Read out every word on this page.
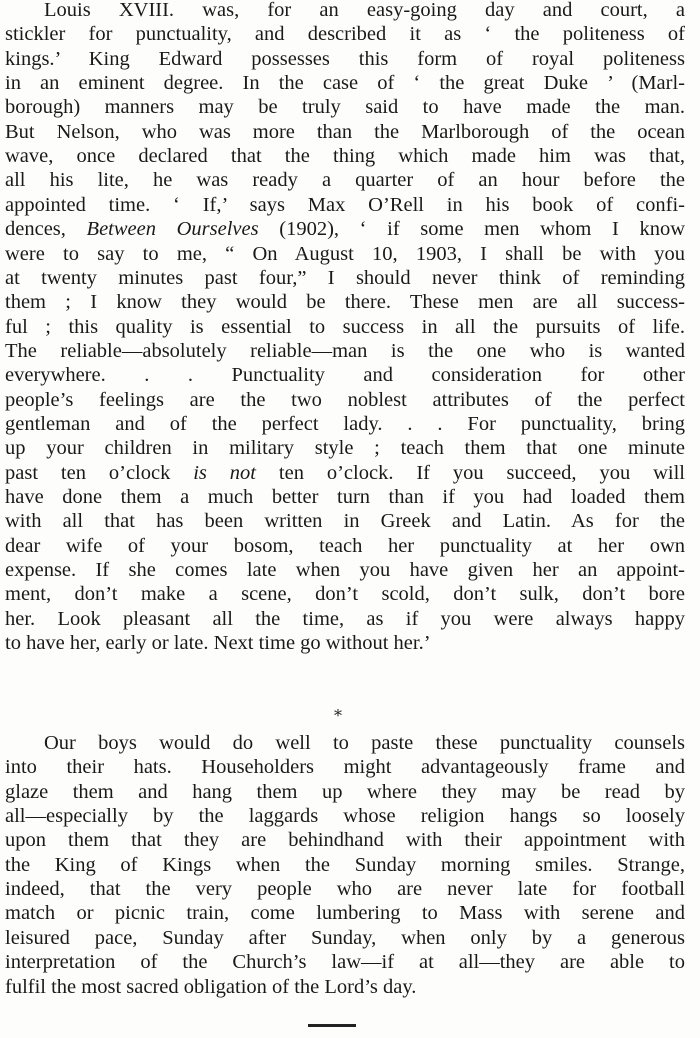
Louis XVIII. was, for an easy-going day and court, a
stickler for punctuality, and described it as ‘ the politeness of
kings.’ King Edward possesses this form of royal politeness
in an eminent degree. In the case of ‘ the great Duke ’ (Marl-
borough) manners may be truly said to have made the man.
But Nelson, who was more than the Marlborough of the ocean
wave, once declared that the thing which made him was that,
all his lite, he was ready a quarter of an hour before the
appointed time. ‘ If,’ says Max O’Rell in his book of confi-
dences, Between Ourselves (1902), ‘ if some men whom I know
were to say to me, “ On August 10, 1903, I shall be with you
at twenty minutes past four,” I should never think of reminding
them ; I know they would be there. These men are all success-
ful ; this quality is essential to success in all the pursuits of life.
The reliable—absolutely reliable—man is the one who is wanted
everywhere. . . Punctuality and consideration for other
people’s feelings are the two noblest attributes of the perfect
gentleman and of the perfect lady. . . For punctuality, bring
up your children in military style ; teach them that one minute
past ten o’clock is not ten o’clock. If you succeed, you will
have done them a much better turn than if you had loaded them
with all that has been written in Greek and Latin. As for the
dear wife of your bosom, teach her punctuality at her own
expense. If she comes late when you have given her an appoint-
ment, don’t make a scene, don’t scold, don’t sulk, don’t bore
her. Look pleasant all the time, as if you were always happy
to have her, early or late. Next time go without her.’
*
Our boys would do well to paste these punctuality counsels
into their hats. Householders might advantageously frame and
glaze them and hang them up where they may be read by
all—especially by the laggards whose religion hangs so loosely
upon them that they are behindhand with their appointment with
the King of Kings when the Sunday morning smiles. Strange,
indeed, that the very people who are never late for football
match or picnic train, come lumbering to Mass with serene and
leisured pace, Sunday after Sunday, when only by a generous
interpretation of the Church’s law—if at all—they are able to
fulfil the most sacred obligation of the Lord’s day.
